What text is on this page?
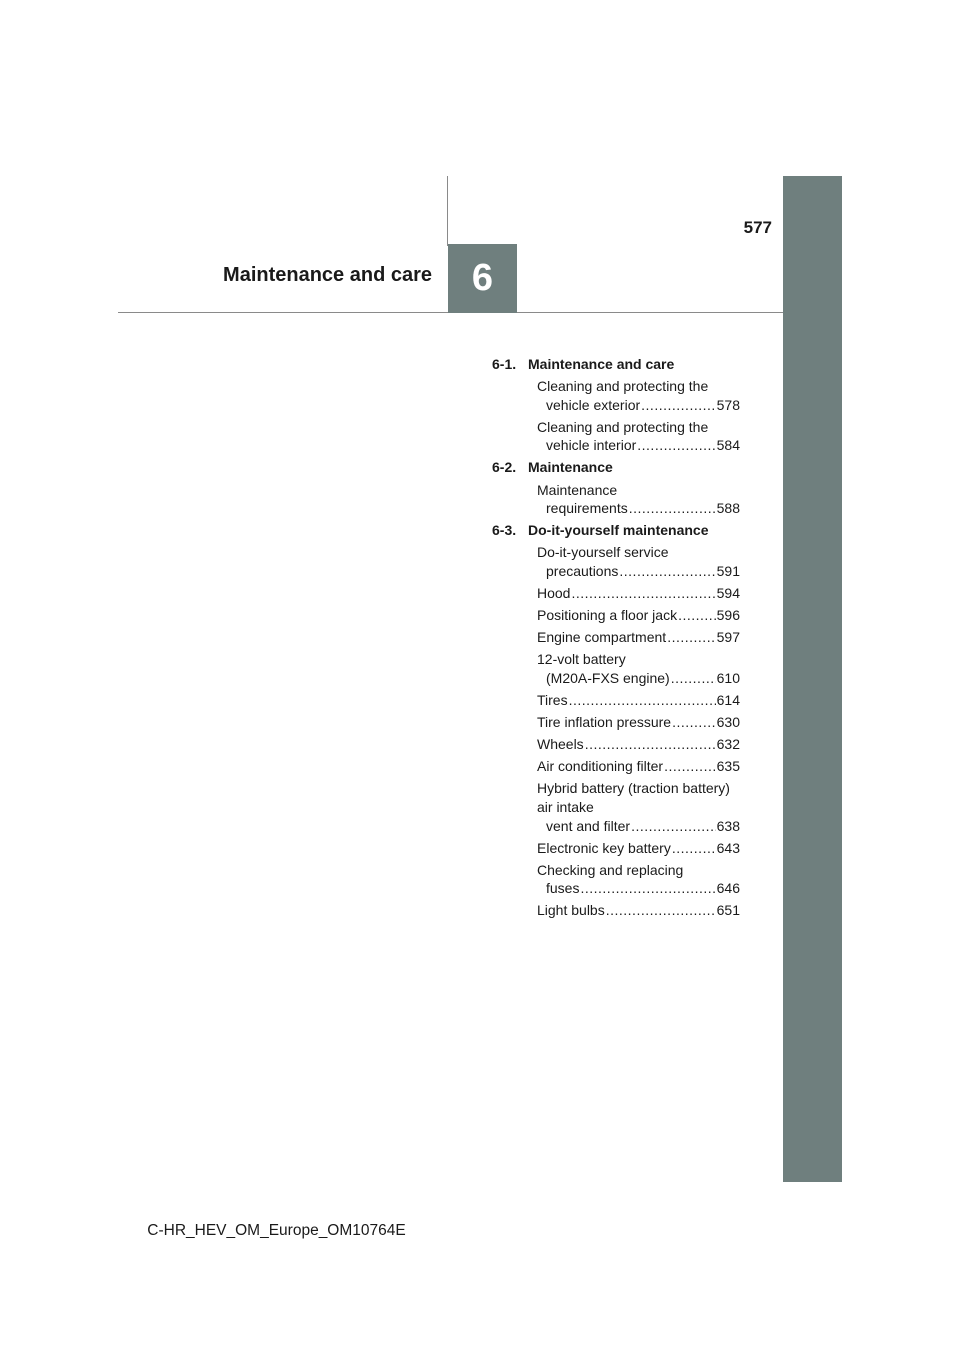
6
577
Maintenance and care
6-1. Maintenance and care
Cleaning and protecting the
vehicle exterior .....	578
Cleaning and protecting the
vehicle interior .....	584
6-2. Maintenance
Maintenance
requirements .....	588
6-3. Do-it-yourself maintenance
Do-it-yourself service
precautions .....	591
Hood .....	594
Positioning a floor jack .....	596
Engine compartment .....	597
12-volt battery
(M20A-FXS engine) .....	610
Tires .....	614
Tire inflation pressure .....	630
Wheels .....	632
Air conditioning filter .....	635
Hybrid battery (traction battery) air intake
vent and filter .....	638
Electronic key battery .....	643
Checking and replacing
fuses .....	646
Light bulbs .....	651
C-HR_HEV_OM_Europe_OM10764E
